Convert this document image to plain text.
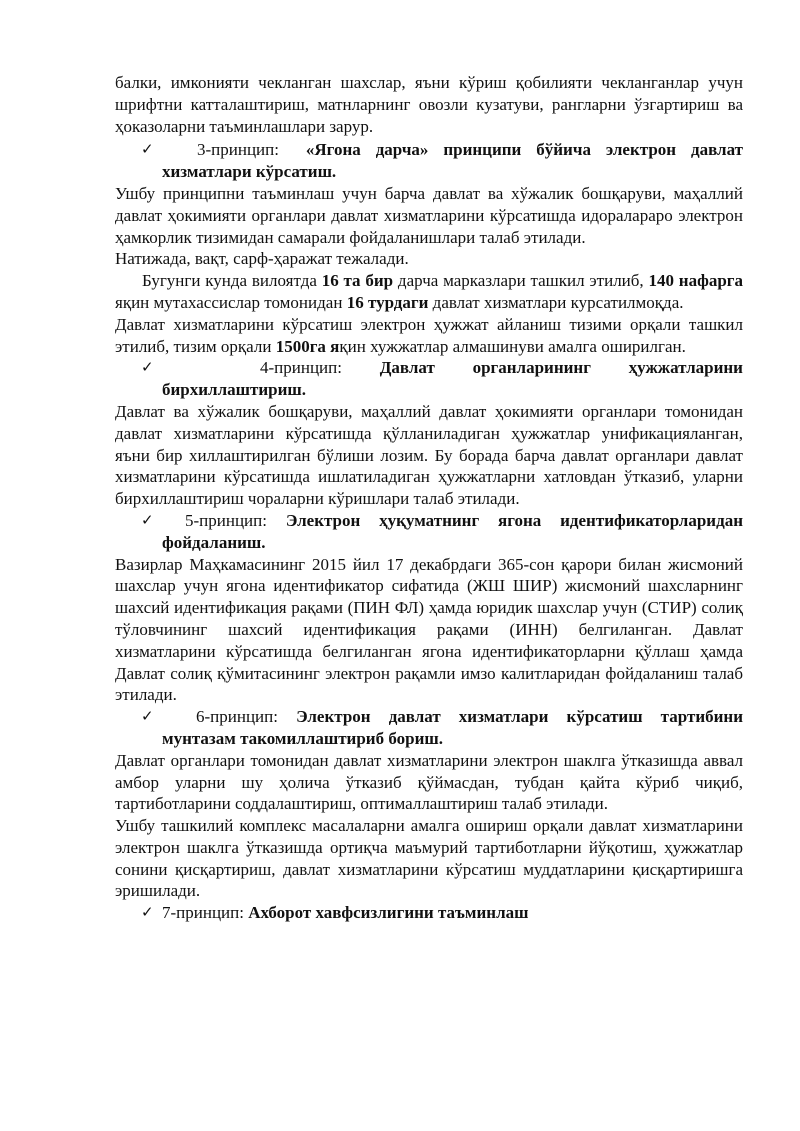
балки, имконияти чекланган шахслар, яъни кўриш қобилияти чекланганлар учун шрифтни катталаштириш, матнларнинг овозли кузатуви, рангларни ўзгартириш ва ҳоказоларни таъминлашлари зарур.

✓	3-принцип: «Ягона дарча» принципи бўйича электрон давлат хизматлари кўрсатиш.

Ушбу принципни таъминлаш учун барча давлат ва хўжалик бошқаруви, маҳаллий давлат ҳокимияти органлари давлат хизматларини кўрсатишда идоралараро электрон ҳамкорлик тизимидан самарали фойдаланишлари талаб этилади.

Натижада, вақт, сарф-ҳаражат тежалади.

Бугунги кунда вилоятда 16 та бир дарча марказлари ташкил этилиб, 140 нафарга яқин мутахассислар томонидан 16 турдаги давлат хизматлари курсатилмоқда.

Давлат хизматларини кўрсатиш электрон ҳужжат айланиш тизими орқали ташкил этилиб, тизим орқали 1500га яқин хужжатлар алмашинуви амалга оширилган.

✓	4-принцип: Давлат органларининг ҳужжатларини
бирхиллаштириш.

Давлат ва хўжалик бошқаруви, маҳаллий давлат ҳокимияти органлари томонидан давлат хизматларини кўрсатишда қўлланиладиган ҳужжатлар унификацияланган, яъни бир хиллаштирилган бўлиши лозим. Бу борада барча давлат органлари давлат хизматларини кўрсатишда ишлатиладиган ҳужжатларни хатловдан ўтказиб, уларни бирхиллаштириш чораларни кўришлари талаб этилади.

✓ 5-принцип: Электрон ҳуқуматнинг ягона идентификаторларидан фойдаланиш.

Вазирлар Маҳкамасининг 2015 йил 17 декабрдаги 365-сон қарори билан жисмоний шахслар учун ягона идентификатор сифатида (ЖШ ШИР) жисмоний шахсларнинг шахсий идентификация рақами (ПИН ФЛ) ҳамда юридик шахслар учун (СТИР) солиқ тўловчининг шахсий идентификация рақами (ИНН) белгиланган. Давлат хизматларини кўрсатишда белгиланган ягона идентификаторларни қўллаш ҳамда Давлат солиқ қўмитасининг электрон рақамли имзо калитларидан фойдаланиш талаб этилади.

✓ 6-принцип: Электрон давлат хизматлари кўрсатиш тартибини мунтазам такомиллаштириб бориш.

Давлат органлари томонидан давлат хизматларини электрон шаклга ўтказишда аввал амбор уларни шу ҳолича ўтказиб қўймасдан, тубдан қайта кўриб чиқиб, тартиботларини соддалаштириш, оптималлаштириш талаб этилади.

Ушбу ташкилий комплекс масалаларни амалга ошириш орқали давлат хизматларини электрон шаклга ўтказишда ортиқча маъмурий тартиботларни йўқотиш, ҳужжатлар сонини қисқартириш, давлат хизматларини кўрсатиш муддатларини қисқартиришга эришилади.

✓ 7-принцип: Ахборот хавфсизлигини таъминлаш
